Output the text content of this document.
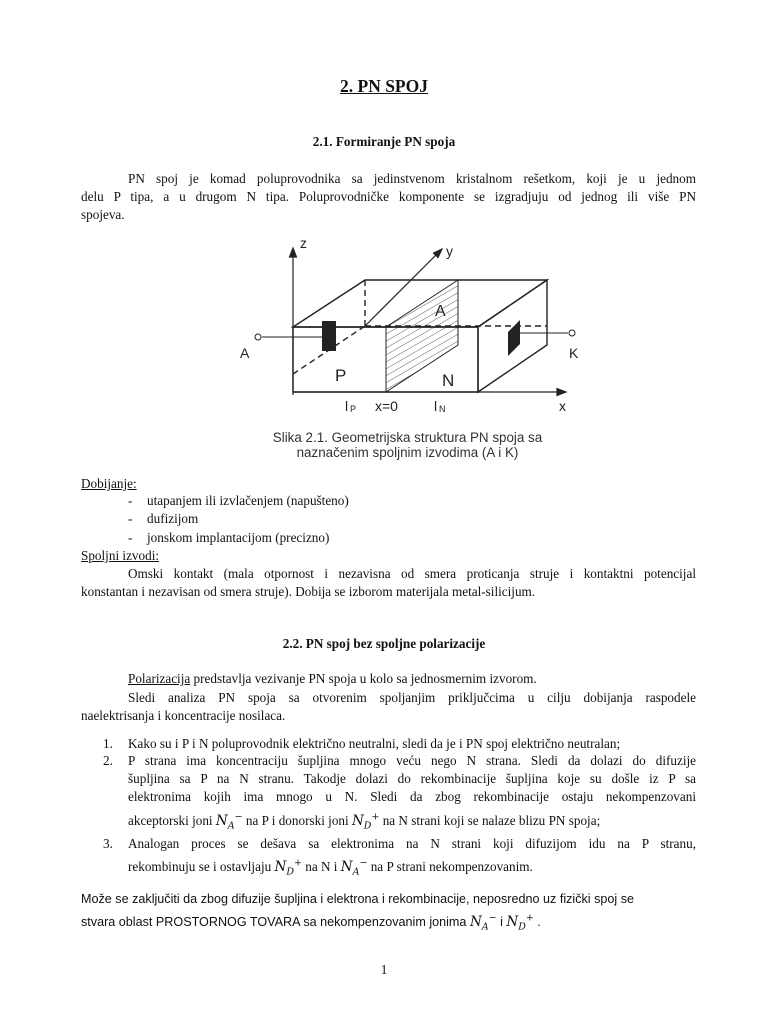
2. PN SPOJ
2.1. Formiranje PN spoja
PN spoj je komad poluprovodnika sa jedinstvenom kristalnom rešetkom, koji je u jednom
delu P tipa, a u drugom N tipa. Poluprovodničke komponente se izgradjuju od jednog ili više PN
spojeva.
z	y
A
A	K
P	N
x
l P x=0	l N
Slika 2.1. Geometrijska struktura PN spoja sa
naznačenim spoljnim izvodima (A i K)
Dobijanje:
- utapanjem ili izvlačenjem (napušteno)
- dufizijom
- jonskom implantacijom (precizno)
Spoljni izvodi:
Omski kontakt (mala otpornost i nezavisna od smera proticanja struje i kontaktni potencijal
konstantan i nezavisan od smera struje). Dobija se izborom materijala metal-silicijum.
2.2. PN spoj bez spoljne polarizacije
Polarizacija predstavlja vezivanje PN spoja u kolo sa jednosmernim izvorom.
Sledi analiza PN spoja sa otvorenim spoljanjim priključcima u cilju dobijanja raspodele
naelektrisanja i koncentracije nosilaca.
1. Kako su i P i N poluprovodnik električno neutralni, sledi da je i PN spoj električno neutralan;
2. P strana ima koncentraciju šupljina mnogo veću nego N strana. Sledi da dolazi do difuzije
šupljina sa P na N stranu. Takodje dolazi do rekombinacije šupljina koje su došle iz P sa
elektronima kojih ima mnogo u N. Sledi da zbog rekombinacije ostaju nekompenzovani
akceptorski joni $N_A^-$ na P i donorski joni $N_D^+$ na N strani koji se nalaze blizu PN spoja;
3. Analogan proces se dešava sa elektronima na N strani koji difuzijom idu na P stranu,
rekombinuju se i ostavljaju $N_D^+$ na N i $N_A^-$ na P strani nekompenzovanim.
Može se zaključiti da zbog difuzije šupljina i elektrona i rekombinacije, neposredno uz fizički spoj se
stvara oblast PROSTORNOG TOVARA sa nekompenzovanim jonima $N_A^-$ i $N_D^+$ .
1
